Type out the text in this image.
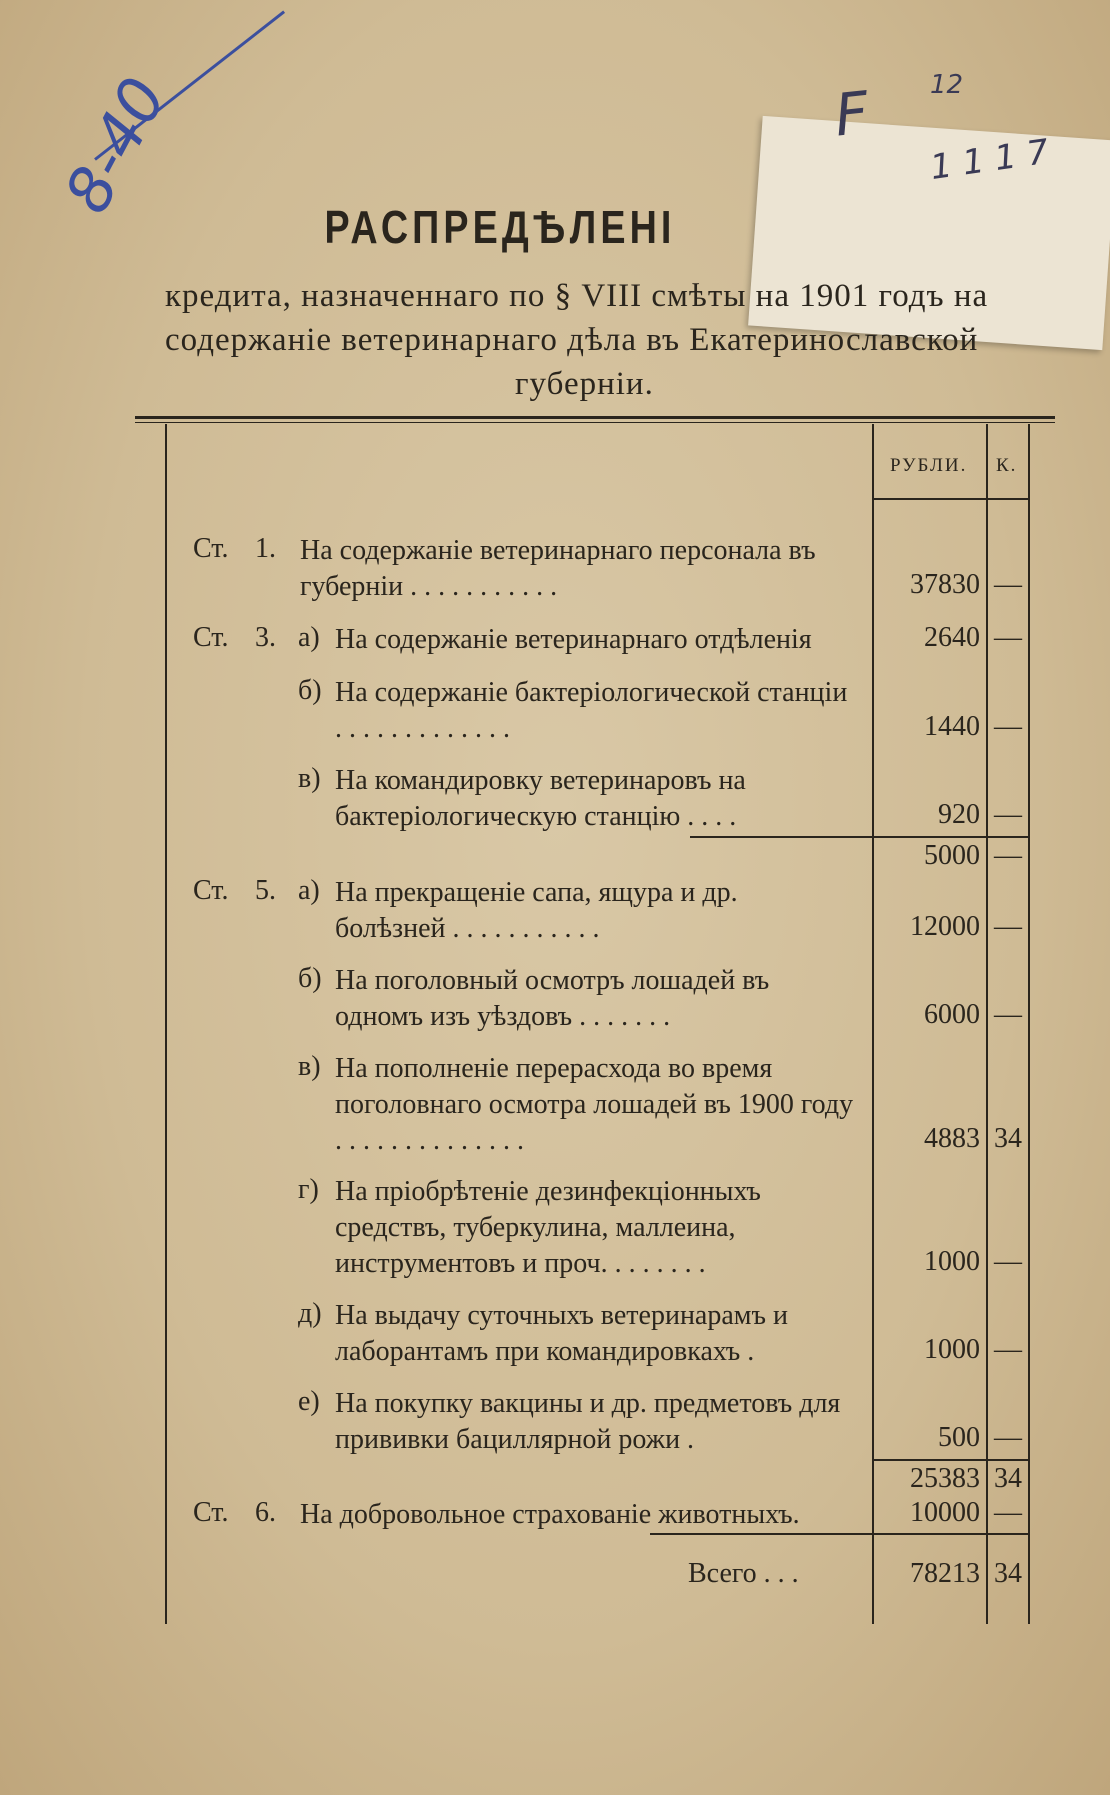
8-40	F 12
1 1 1 7
РАСПРЕДѢЛЕНІ
кредита, назначеннаго по § VIII смѣты на 1901 годъ на
содержаніе ветеринарнаго дѣла въ Екатеринославской
губерніи.
РУБЛИ. К.
Ст. 1. На содержаніе ветеринарнаго персонала въ губерніи . . . . . . . . . . .	37830 —
Ст. 3. а) На содержаніе ветеринарнаго отдѣленія	2640 —
б) На содержаніе бактеріологической станціи . . . . . . . . . . . . .	1440 —
в) На командировку ветеринаровъ на бактеріологическую станцію . . . .	920 —
5000 —
Ст. 5. а) На прекращеніе сапа, ящура и др. болѣзней . . . . . . . . . . .	12000 —
б) На поголовный осмотръ лошадей въ одномъ изъ уѣздовъ . . . . . . .	6000 —
в) На пополненіе перерасхода во время поголовнаго осмотра лошадей въ 1900 году . . . . . . . . . . . . . .	4883 34
г) На пріобрѣтеніе дезинфекціонныхъ средствъ, туберкулина, маллеина, инструментовъ и проч. . . . . . . .	1000 —
д) На выдачу суточныхъ ветеринарамъ и лаборантамъ при командировкахъ .	1000 —
е) На покупку вакцины и др. предметовъ для прививки бациллярной рожи .	500 —
25383 34
Ст. 6. На добровольное страхованіе животныхъ.	10000 —
Всего . . .	78213 34
